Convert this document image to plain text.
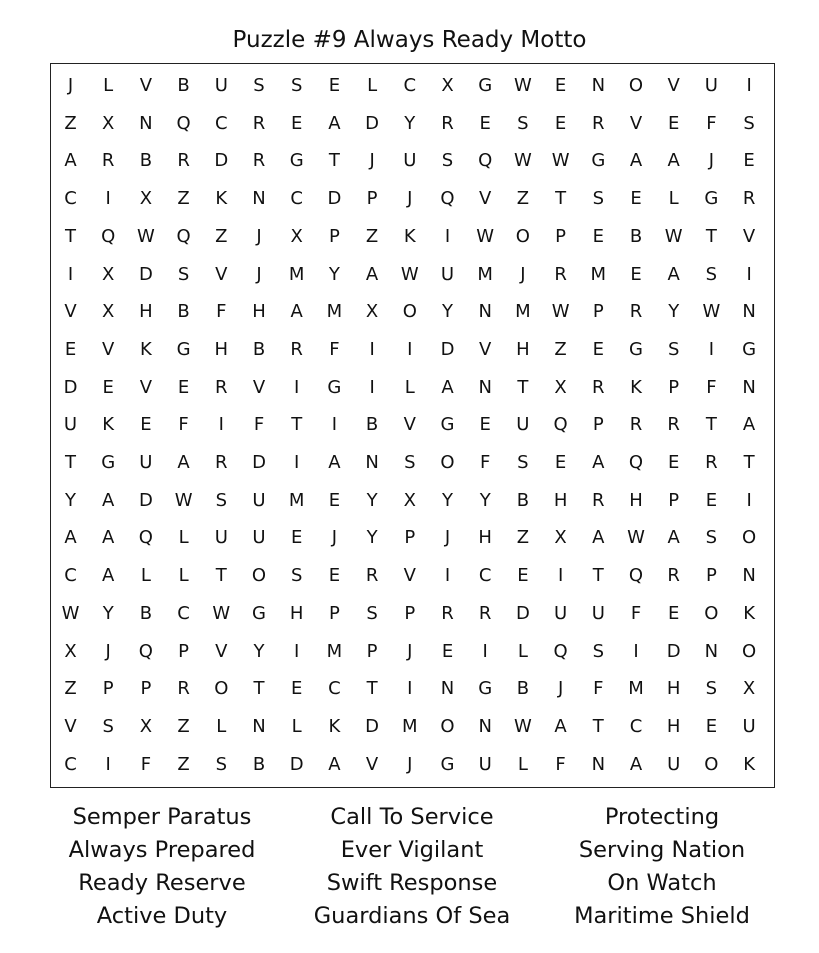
Puzzle #9 Always Ready Motto
J	L	V	B	U	S	S	E	L	C	X	G	W	E	N	O	V	U	I
Z	X	N	Q	C	R	E	A	D	Y	R	E	S	E	R	V	E	F	S
A	R	B	R	D	R	G	T	J	U	S	Q	W	W	G	A	A	J	E
C	I	X	Z	K	N	C	D	P	J	Q	V	Z	T	S	E	L	G	R
T	Q	W	Q	Z	J	X	P	Z	K	I	W	O	P	E	B	W	T	V
I	X	D	S	V	J	M	Y	A	W	U	M	J	R	M	E	A	S	I
V	X	H	B	F	H	A	M	X	O	Y	N	M	W	P	R	Y	W	N
E	V	K	G	H	B	R	F	I	I	D	V	H	Z	E	G	S	I	G
D	E	V	E	R	V	I	G	I	L	A	N	T	X	R	K	P	F	N
U	K	E	F	I	F	T	I	B	V	G	E	U	Q	P	R	R	T	A
T	G	U	A	R	D	I	A	N	S	O	F	S	E	A	Q	E	R	T
Y	A	D	W	S	U	M	E	Y	X	Y	Y	B	H	R	H	P	E	I
A	A	Q	L	U	U	E	J	Y	P	J	H	Z	X	A	W	A	S	O
C	A	L	L	T	O	S	E	R	V	I	C	E	I	T	Q	R	P	N
W	Y	B	C	W	G	H	P	S	P	R	R	D	U	U	F	E	O	K
X	J	Q	P	V	Y	I	M	P	J	E	I	L	Q	S	I	D	N	O
Z	P	P	R	O	T	E	C	T	I	N	G	B	J	F	M	H	S	X
V	S	X	Z	L	N	L	K	D	M	O	N	W	A	T	C	H	E	U
C	I	F	Z	S	B	D	A	V	J	G	U	L	F	N	A	U	O	K
Semper Paratus
Always Prepared
Ready Reserve
Active Duty
Call To Service
Ever Vigilant
Swift Response
Guardians Of Sea
Protecting
Serving Nation
On Watch
Maritime Shield
